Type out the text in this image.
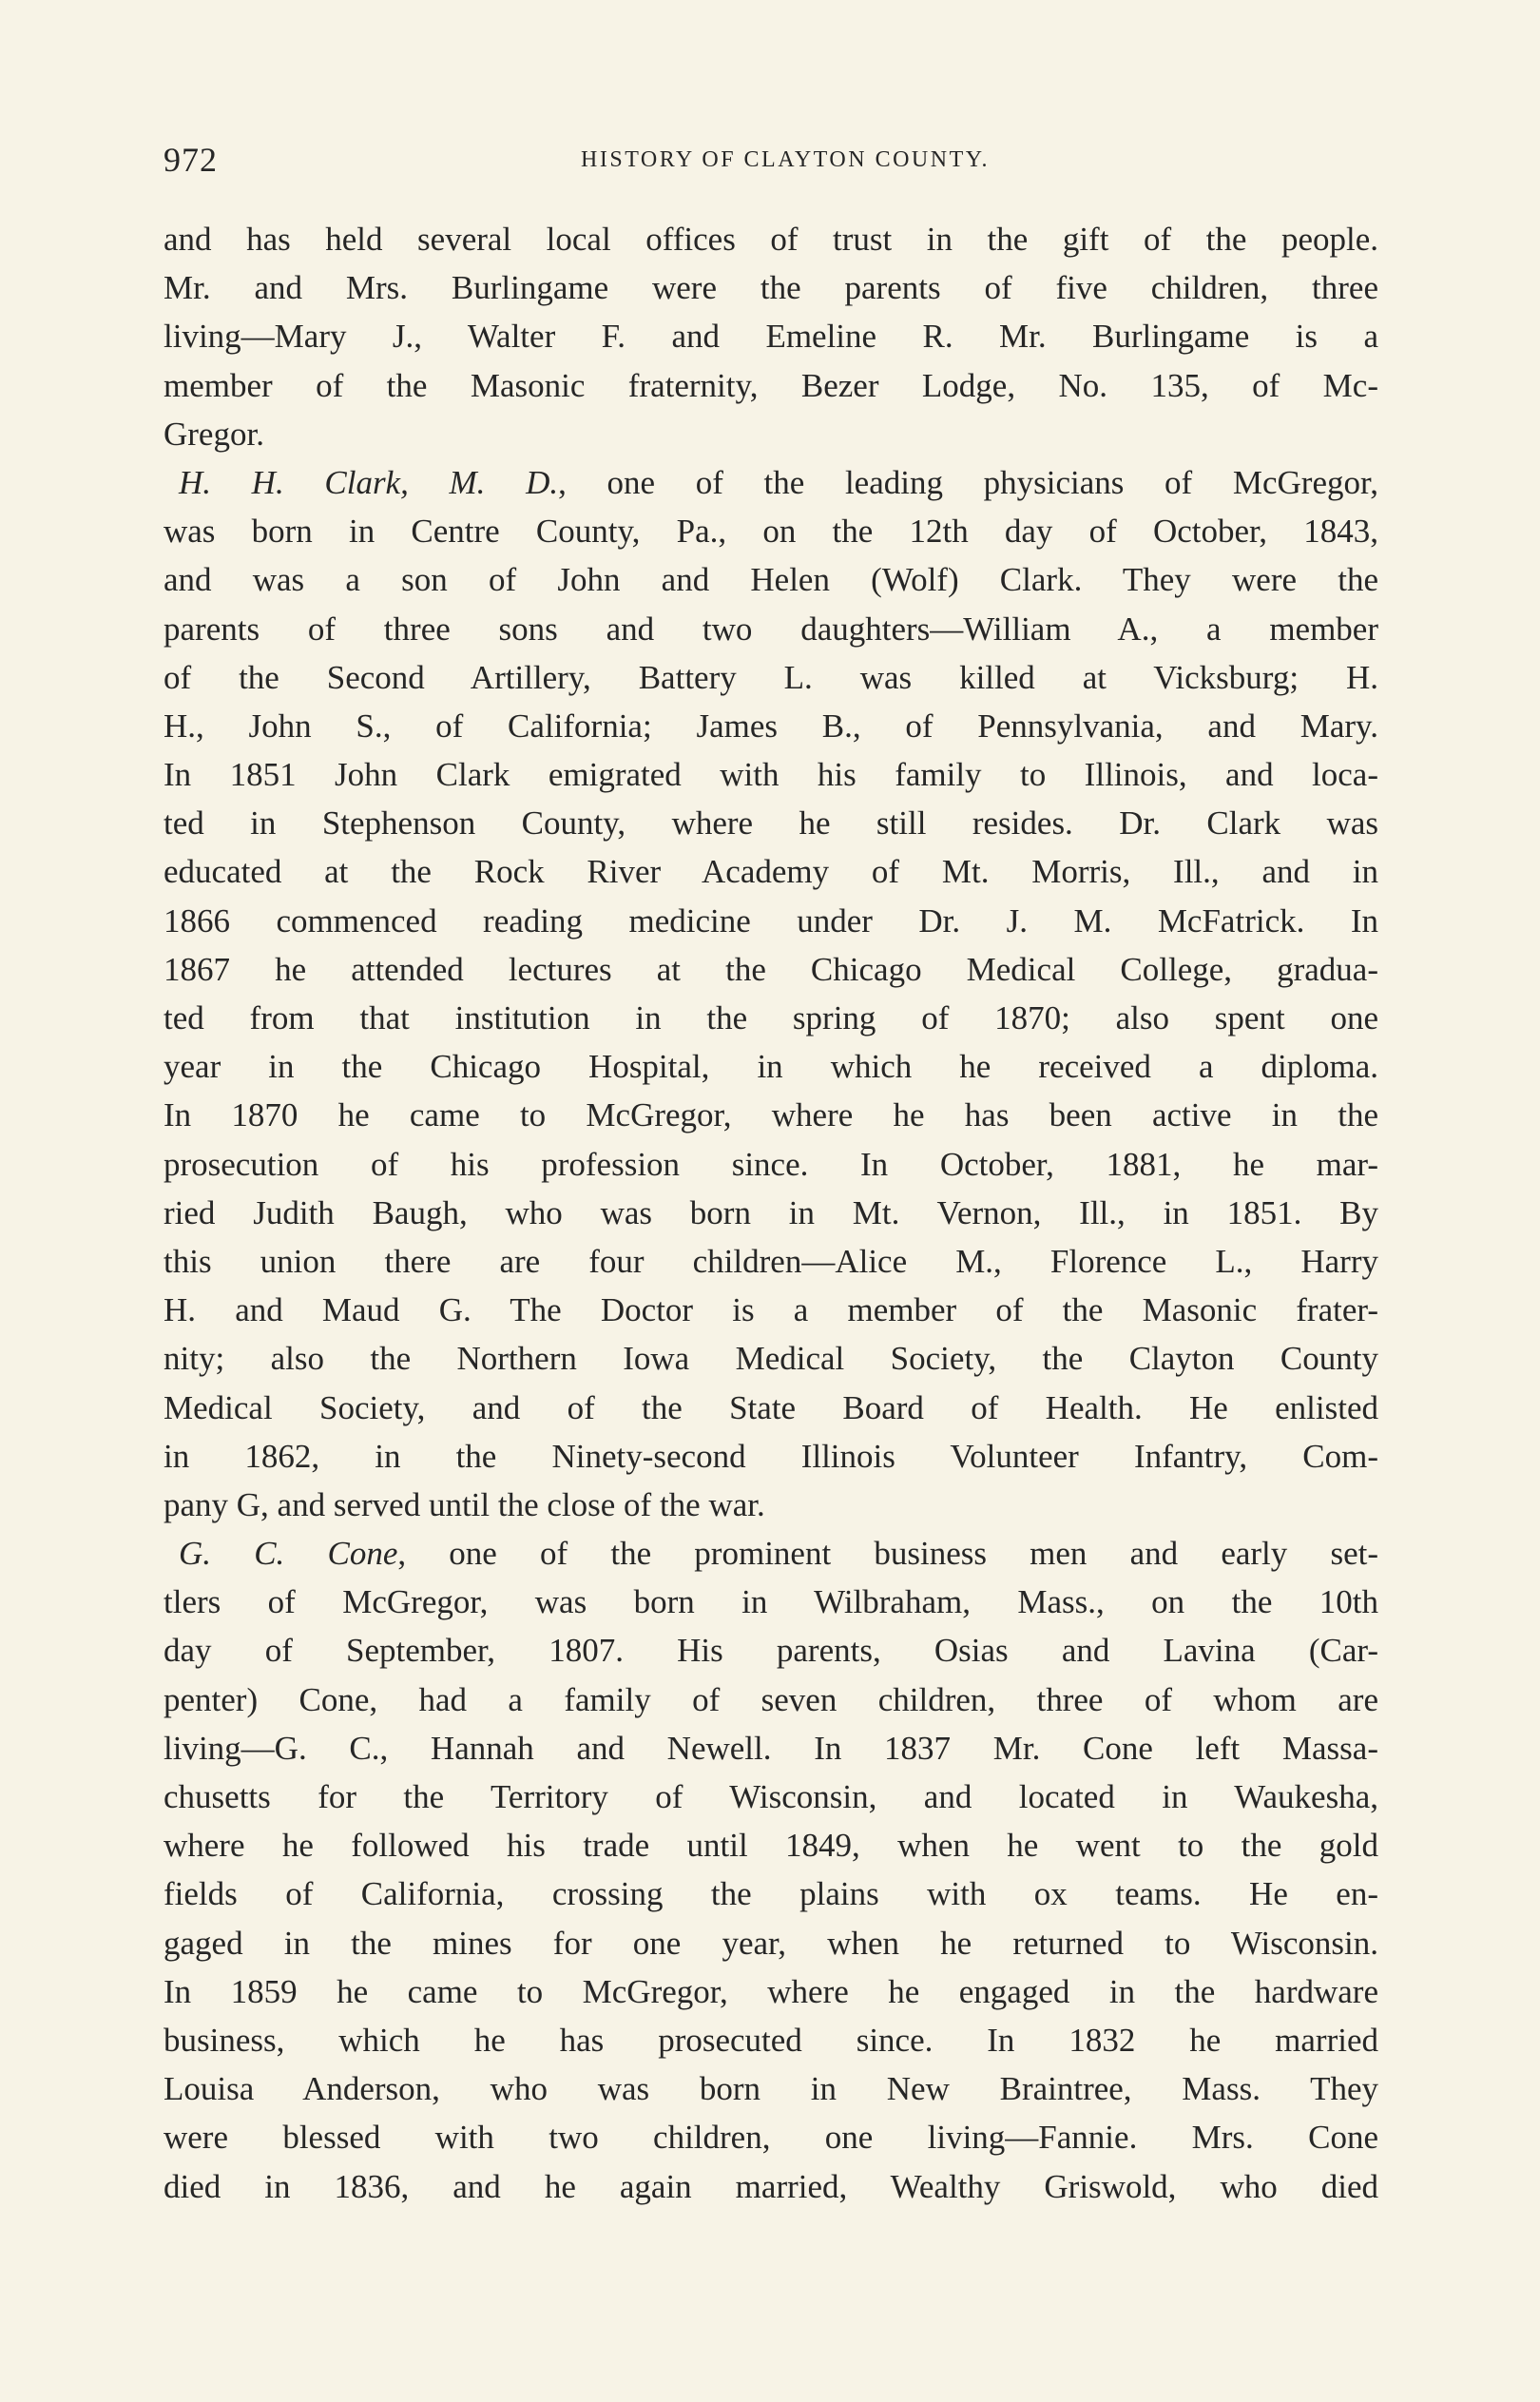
972	HISTORY OF CLAYTON COUNTY.
and has held several local offices of trust in the gift of the people.
Mr. and Mrs. Burlingame were the parents of five children, three
living—Mary J., Walter F. and Emeline R. Mr. Burlingame is a
member of the Masonic fraternity, Bezer Lodge, No. 135, of Mc-
Gregor.
H. H. Clark, M. D., one of the leading physicians of McGregor,
was born in Centre County, Pa., on the 12th day of October, 1843,
and was a son of John and Helen (Wolf) Clark. They were the
parents of three sons and two daughters—William A., a member
of the Second Artillery, Battery L. was killed at Vicksburg; H.
H., John S., of California; James B., of Pennsylvania, and Mary.
In 1851 John Clark emigrated with his family to Illinois, and loca-
ted in Stephenson County, where he still resides. Dr. Clark was
educated at the Rock River Academy of Mt. Morris, Ill., and in
1866 commenced reading medicine under Dr. J. M. McFatrick. In
1867 he attended lectures at the Chicago Medical College, gradua-
ted from that institution in the spring of 1870; also spent one
year in the Chicago Hospital, in which he received a diploma.
In 1870 he came to McGregor, where he has been active in the
prosecution of his profession since. In October, 1881, he mar-
ried Judith Baugh, who was born in Mt. Vernon, Ill., in 1851. By
this union there are four children—Alice M., Florence L., Harry
H. and Maud G. The Doctor is a member of the Masonic frater-
nity; also the Northern Iowa Medical Society, the Clayton County
Medical Society, and of the State Board of Health. He enlisted
in 1862, in the Ninety-second Illinois Volunteer Infantry, Com-
pany G, and served until the close of the war.
G. C. Cone, one of the prominent business men and early set-
tlers of McGregor, was born in Wilbraham, Mass., on the 10th
day of September, 1807. His parents, Osias and Lavina (Car-
penter) Cone, had a family of seven children, three of whom are
living—G. C., Hannah and Newell. In 1837 Mr. Cone left Massa-
chusetts for the Territory of Wisconsin, and located in Waukesha,
where he followed his trade until 1849, when he went to the gold
fields of California, crossing the plains with ox teams. He en-
gaged in the mines for one year, when he returned to Wisconsin.
In 1859 he came to McGregor, where he engaged in the hardware
business, which he has prosecuted since. In 1832 he married
Louisa Anderson, who was born in New Braintree, Mass. They
were blessed with two children, one living—Fannie. Mrs. Cone
died in 1836, and he again married, Wealthy Griswold, who died
